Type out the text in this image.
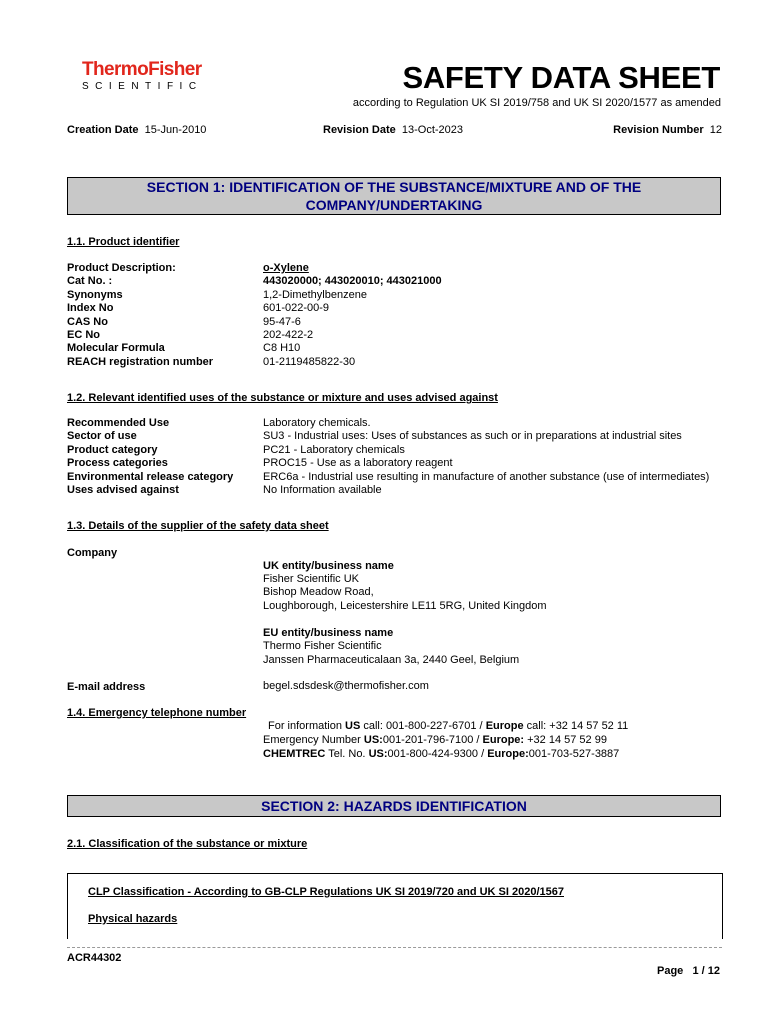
ThermoFisher
SCIENTIFIC	SAFETY DATA SHEET
according to Regulation UK SI 2019/758 and UK SI 2020/1577 as amended
Creation Date 15-Jun-2010	Revision Date 13-Oct-2023	Revision Number 12
SECTION 1: IDENTIFICATION OF THE SUBSTANCE/MIXTURE AND OF THE
COMPANY/UNDERTAKING
1.1. Product identifier
Product Description:	o-Xylene
Cat No. :	443020000; 443020010; 443021000
Synonyms	1,2-Dimethylbenzene
Index No	601-022-00-9
CAS No	95-47-6
EC No	202-422-2
Molecular Formula	C8 H10
REACH registration number	01-2119485822-30
1.2. Relevant identified uses of the substance or mixture and uses advised against
Recommended Use	Laboratory chemicals.
Sector of use	SU3 - Industrial uses: Uses of substances as such or in preparations at industrial sites
Product category	PC21 - Laboratory chemicals
Process categories	PROC15 - Use as a laboratory reagent
Environmental release category	ERC6a - Industrial use resulting in manufacture of another substance (use of intermediates)
Uses advised against	No Information available
1.3. Details of the supplier of the safety data sheet
Company
UK entity/business name
Fisher Scientific UK
Bishop Meadow Road,
Loughborough, Leicestershire LE11 5RG, United Kingdom
EU entity/business name
Thermo Fisher Scientific
Janssen Pharmaceuticalaan 3a, 2440 Geel, Belgium
E-mail address	begel.sdsdesk@thermofisher.com
1.4. Emergency telephone number
For information US call: 001-800-227-6701 / Europe call: +32 14 57 52 11
Emergency Number US:001-201-796-7100 / Europe: +32 14 57 52 99
CHEMTREC Tel. No. US:001-800-424-9300 / Europe:001-703-527-3887
SECTION 2: HAZARDS IDENTIFICATION
2.1. Classification of the substance or mixture
CLP Classification - According to GB-CLP Regulations UK SI 2019/720 and UK SI 2020/1567
Physical hazards
ACR44302
Page 1 / 12
